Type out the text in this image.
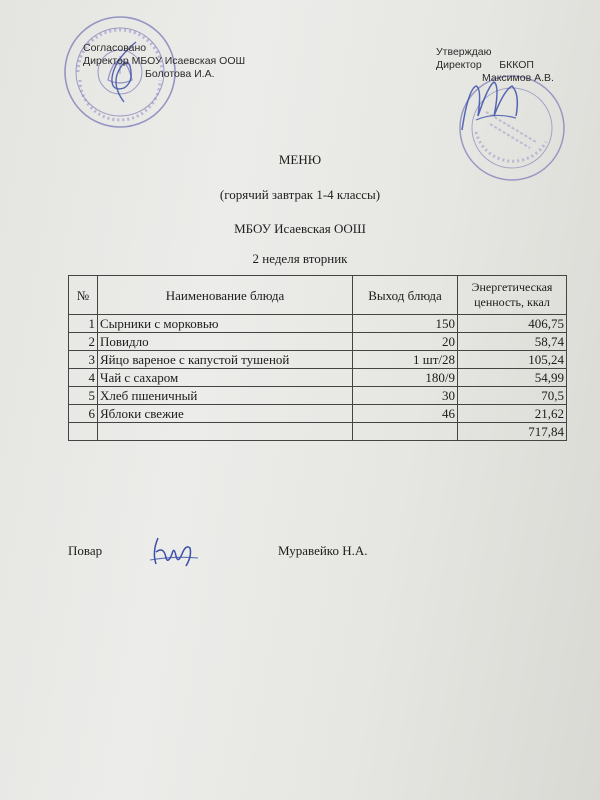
Согласовано
Директор МБОУ Исаевская ООШ
Болотова И.А.
Утверждаю
Директор      БККОП
Максимов А.В.
МЕНЮ
(горячий завтрак 1-4 классы)
МБОУ Исаевская ООШ
2 неделя вторник
№	Наименование блюда	Выход блюда	Энергетическая ценность, ккал
1	Сырники с морковью	150	406,75
2	Повидло	20	58,74
3	Яйцо вареное с капустой тушеной	1 шт/28	105,24
4	Чай с сахаром	180/9	54,99
5	Хлеб пшеничный	30	70,5
6	Яблоки свежие	46	21,62
			717,84
Повар	Муравейко Н.А.
